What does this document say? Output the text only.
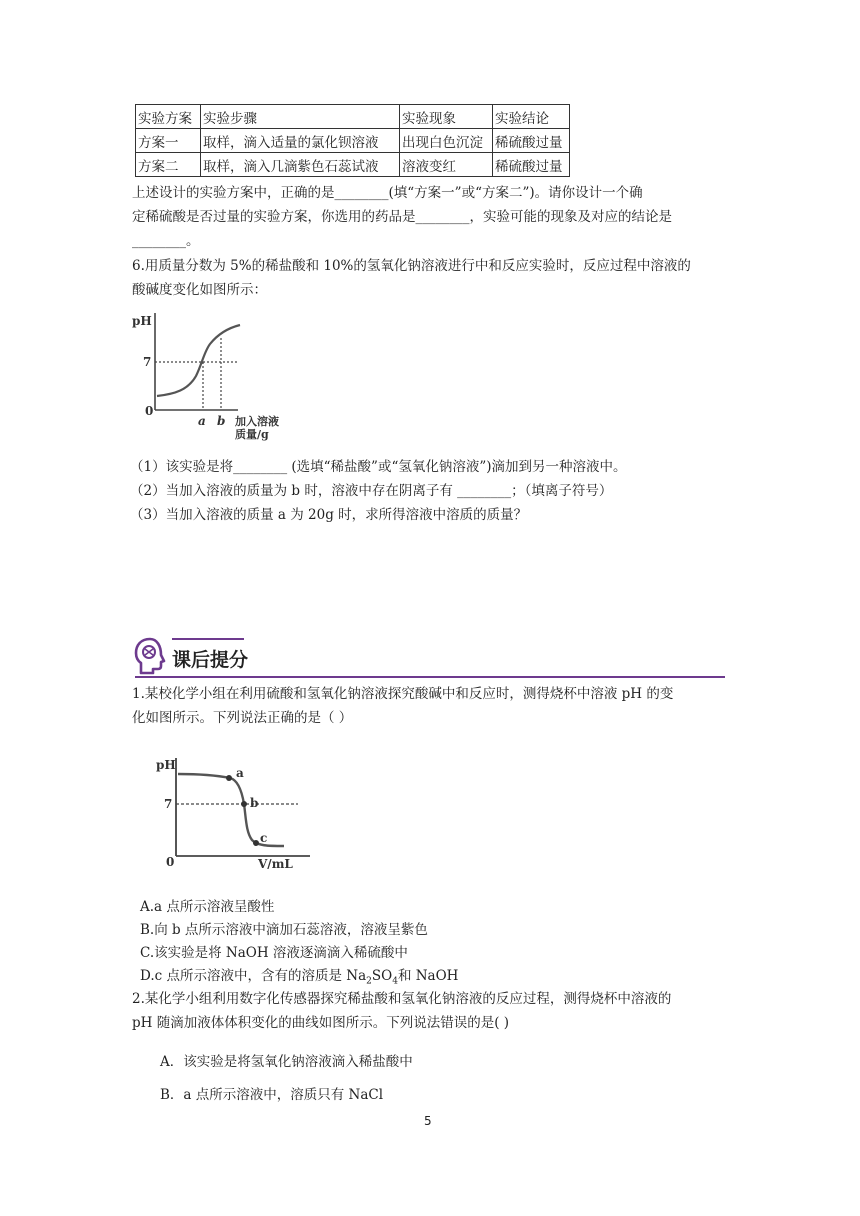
实验方案	实验步骤	实验现象	实验结论
方案一	取样，滴入适量的氯化钡溶液	出现白色沉淀	稀硫酸过量
方案二	取样，滴入几滴紫色石蕊试液	溶液变红	稀硫酸过量
上述设计的实验方案中，正确的是________(填“方案一”或“方案二”)。请你设计一个确
定稀硫酸是否过量的实验方案，你选用的药品是________，实验可能的现象及对应的结论是
________。
6.用质量分数为 5%的稀盐酸和 10%的氢氧化钠溶液进行中和反应实验时，反应过程中溶液的
酸碱度变化如图所示：
pH
7
0
a b 加入溶液
质量/g
（1）该实验是将________ (选填“稀盐酸”或“氢氧化钠溶液”)滴加到另一种溶液中。
（2）当加入溶液的质量为 b 时，溶液中存在阴离子有 ________；（填离子符号）
（3）当加入溶液的质量 a 为 20g 时，求所得溶液中溶质的质量？
课后提分
1.某校化学小组在利用硫酸和氢氧化钠溶液探究酸碱中和反应时，测得烧杯中溶液 pH 的变
化如图所示。下列说法正确的是（ ）
pH
7
0
a
b
c
V/mL
A.a 点所示溶液呈酸性
B.向 b 点所示溶液中滴加石蕊溶液，溶液呈紫色
C.该实验是将 NaOH 溶液逐滴滴入稀硫酸中
D.c 点所示溶液中，含有的溶质是 $Na_2SO_4$和 NaOH
2.某化学小组利用数字化传感器探究稀盐酸和氢氧化钠溶液的反应过程，测得烧杯中溶液的
pH 随滴加液体体积变化的曲线如图所示。下列说法错误的是( )
A．该实验是将氢氧化钠溶液滴入稀盐酸中
B．a 点所示溶液中，溶质只有 NaCl
5
